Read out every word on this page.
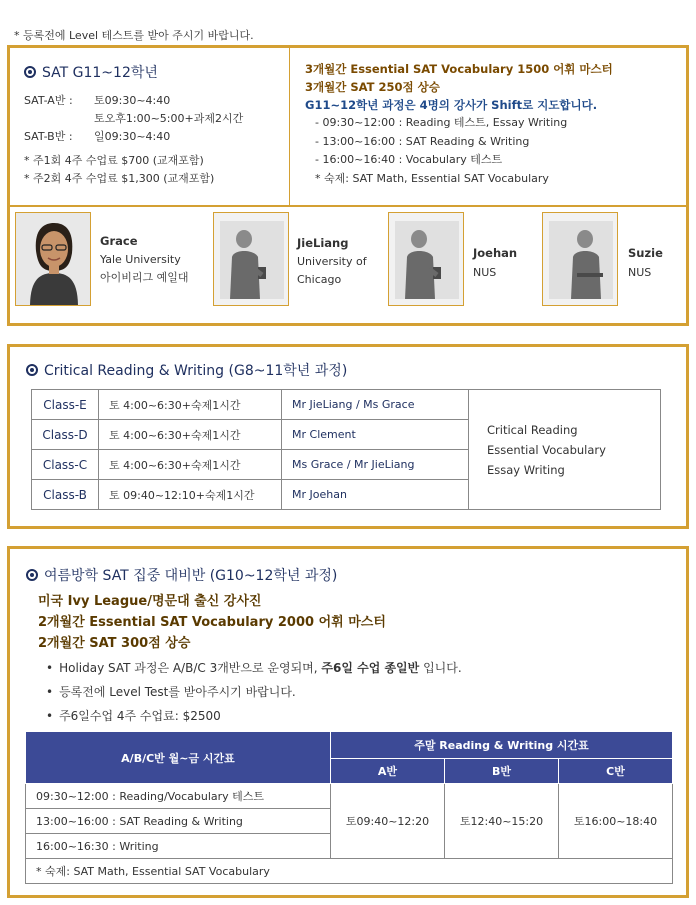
* 등록전에 Level 테스트를 받아 주시기 바랍니다.
SAT G11~12학년
SAT-A반 :	토09:30~4:40
토오후1:00~5:00+과제2시간
SAT-B반 :	일09:30~4:40
* 주1회 4주 수업료 $700 (교재포함)
* 주2회 4주 수업료 $1,300 (교재포함)
3개월간 Essential SAT Vocabulary 1500 어휘 마스터
3개월간 SAT 250점 상승
G11~12학년 과정은 4명의 강사가 Shift로 지도합니다.
- 09:30~12:00 : Reading 테스트, Essay Writing
- 13:00~16:00 : SAT Reading & Writing
- 16:00~16:40 : Vocabulary 테스트
* 숙제: SAT Math, Essential SAT Vocabulary
Grace
Yale University
아이비리그 예일대
JieLiang
University of
Chicago
Joehan
NUS
Suzie
NUS
Critical Reading & Writing (G8~11학년 과정)
Class-E	토 4:00~6:30+숙제1시간	Mr JieLiang / Ms Grace	Critical Reading
Essential Vocabulary
Essay Writing

Class-D	토 4:00~6:30+숙제1시간	Mr Clement	
Class-C	토 4:00~6:30+숙제1시간	Ms Grace / Mr JieLiang	
Class-B	토 09:40~12:10+숙제1시간	Mr Joehan	
여름방학 SAT 집중 대비반 (G10~12학년 과정)
미국 Ivy League/명문대 출신 강사진
2개월간 Essential SAT Vocabulary 2000 어휘 마스터
2개월간 SAT 300점 상승
• Holiday SAT 과정은 A/B/C 3개반으로 운영되며, 주6일 수업 종일반 입니다.
• 등록전에 Level Test를 받아주시기 바랍니다.
• 주6일수업 4주 수업료: $2500
A/B/C반 월~금 시간표	주말 Reading & Writing 시간표		
	A반	B반	C반
09:30~12:00 : Reading/Vocabulary 테스트	토09:40~12:20	토12:40~15:20	토16:00~18:40
13:00~16:00 : SAT Reading & Writing			
16:00~16:30 : Writing			
* 숙제: SAT Math, Essential SAT Vocabulary			
